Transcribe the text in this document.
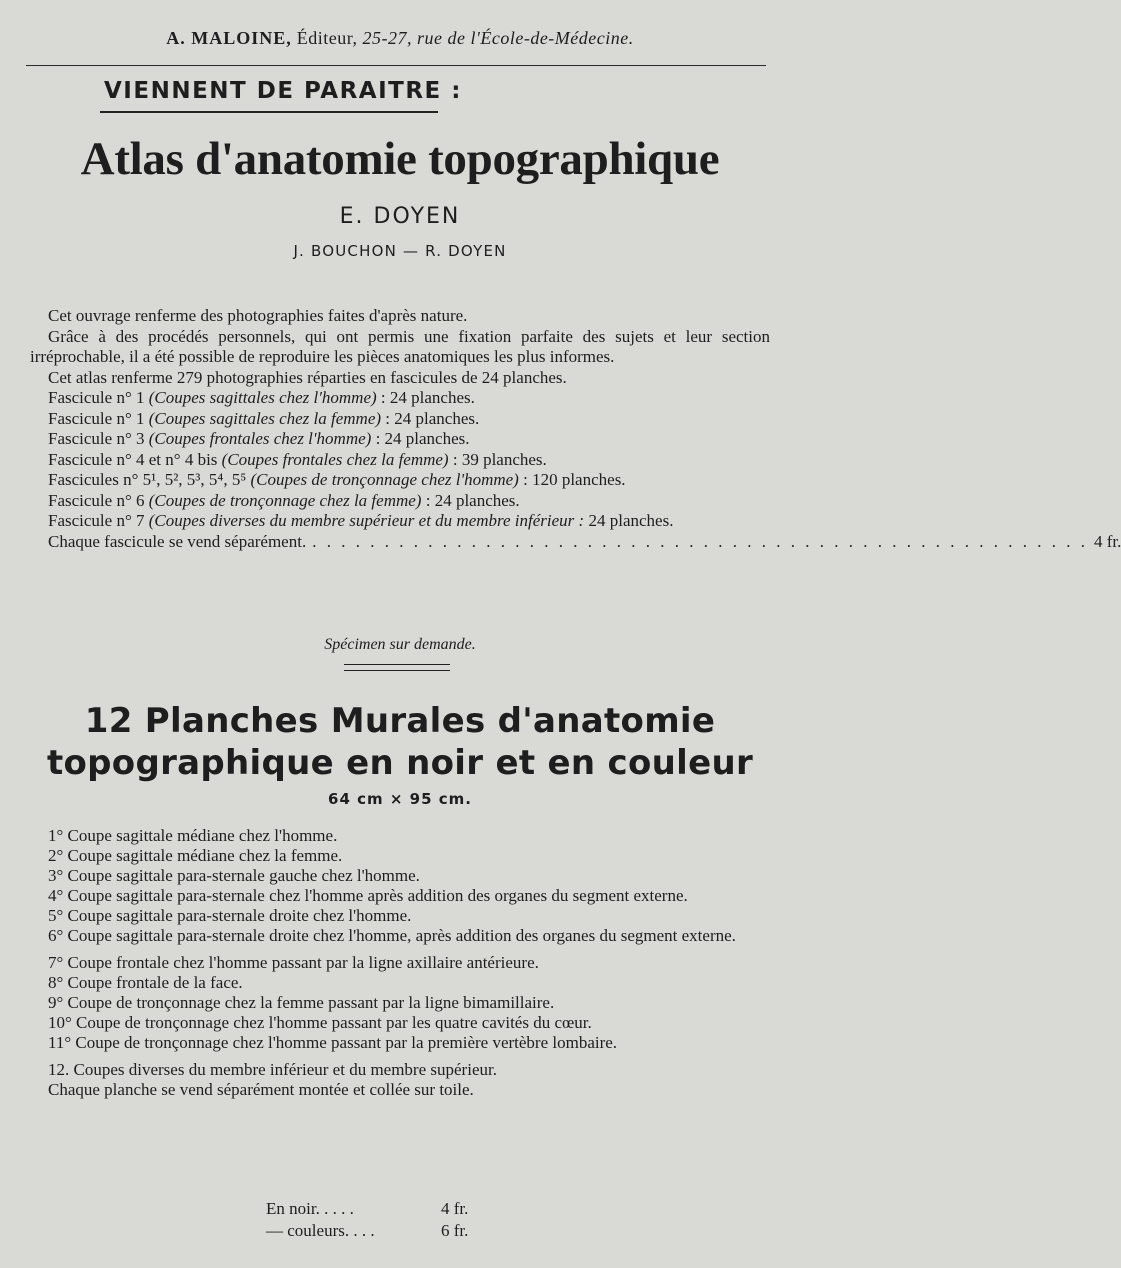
A. MALOINE, Éditeur, 25-27, rue de l'École-de-Médecine.
VIENNENT DE PARAITRE :
Atlas d'anatomie topographique
E. DOYEN
J. BOUCHON — R. DOYEN

Cet ouvrage renferme des photographies faites d'après nature.

Grâce à des procédés personnels, qui ont permis une fixation parfaite des sujets et leur section irréprochable, il a été possible de reproduire les pièces anatomiques les plus informes.

Cet atlas renferme 279 photographies réparties en fascicules de 24 planches.

Fascicule n° 1 (Coupes sagittales chez l'homme) : 24 planches.

Fascicule n° 1 (Coupes sagittales chez la femme) : 24 planches.

Fascicule n° 3 (Coupes frontales chez l'homme) : 24 planches.

Fascicule n° 4 et n° 4 bis (Coupes frontales chez la femme) : 39 planches.

Fascicules n° 5¹, 5², 5³, 5⁴, 5⁵ (Coupes de tronçonnage chez l'homme) : 120 planches.

Fascicule n° 6 (Coupes de tronçonnage chez la femme) : 24 planches.

Fascicule n° 7 (Coupes diverses du membre supérieur et du membre inférieur : 24 planches.

Chaque fascicule se vend séparément. . . . . . . . . . . . . . . . . . . . . . . . . . . . . . . . . . . . . . . . . . . . . . . . . . . . . . . 4 fr.
Spécimen sur demande.
12 Planches Murales d'anatomie
topographique en noir et en couleur
64 cm × 95 cm.

1° Coupe sagittale médiane chez l'homme.

2° Coupe sagittale médiane chez la femme.

3° Coupe sagittale para-sternale gauche chez l'homme.

4° Coupe sagittale para-sternale chez l'homme après addition des organes du segment externe.

5° Coupe sagittale para-sternale droite chez l'homme.

6° Coupe sagittale para-sternale droite chez l'homme, après addition des organes du segment externe.

7° Coupe frontale chez l'homme passant par la ligne axillaire antérieure.

8° Coupe frontale de la face.

9° Coupe de tronçonnage chez la femme passant par la ligne bimamillaire.

10° Coupe de tronçonnage chez l'homme passant par les quatre cavités du cœur.

11° Coupe de tronçonnage chez l'homme passant par la première vertèbre lombaire.

12. Coupes diverses du membre inférieur et du membre supérieur.

Chaque planche se vend séparément montée et collée sur toile.

En noir. . . . .	4 fr.
— couleurs. . . .	6 fr.
